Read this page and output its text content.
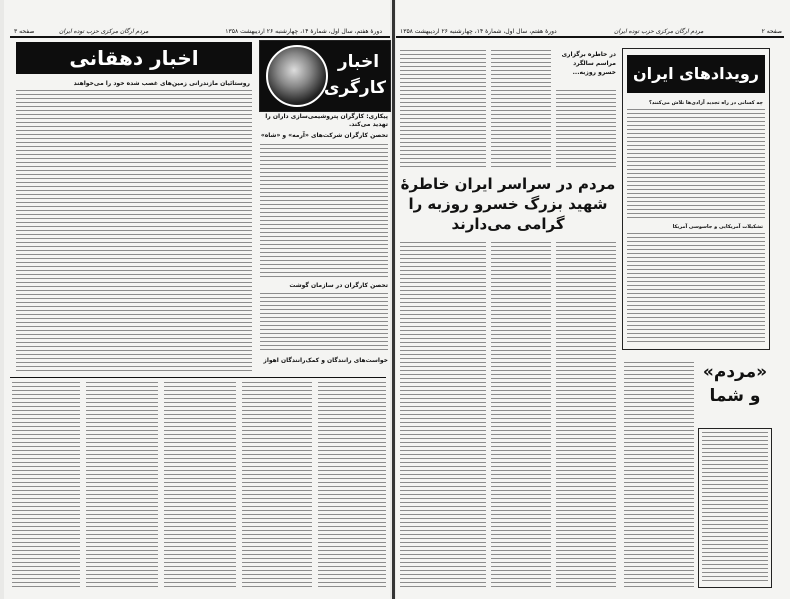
صفحه ۳	مردم ارگان مرکزی حزب توده ایران	دورهٔ هفتم، سال اول، شمارهٔ ۱۴، چهارشنبه ۲۶ اردیبهشت ۱۳۵۸
اخبار کارگری
اخبار دهقانی
روستائیان مازندرانی زمین‌های غصب شده خود را می‌خواهند
پیکاری: کارگران پتروشیمی‌سازی داران را تهدید می‌کند.
تحصن کارگران شرکت‌های «آرمه» و «شاه»
تحصن کارگران در سازمان گوشت
خواست‌های رانندگان و کمک‌رانندگان اهواز
صفحه ۲
مردم ارگان مرکزی حزب توده ایران
دورهٔ هفتم، سال اول، شمارهٔ ۱۴، چهارشنبه ۲۶ اردیبهشت ۱۳۵۸
رویدادهای ایران
چه کسانی در راه تجدید آزادی‌ها تلاش می‌کنند؟
تشکیلات آمریکایی و جاسوسی آمریکا
در خاطره برگزاری مراسم سالگرد خسرو روزبه...
مردم در سراسر ایران خاطرهٔ شهید بزرگ خسرو روزبه را گرامی می‌دارند
«مردم» و شما
